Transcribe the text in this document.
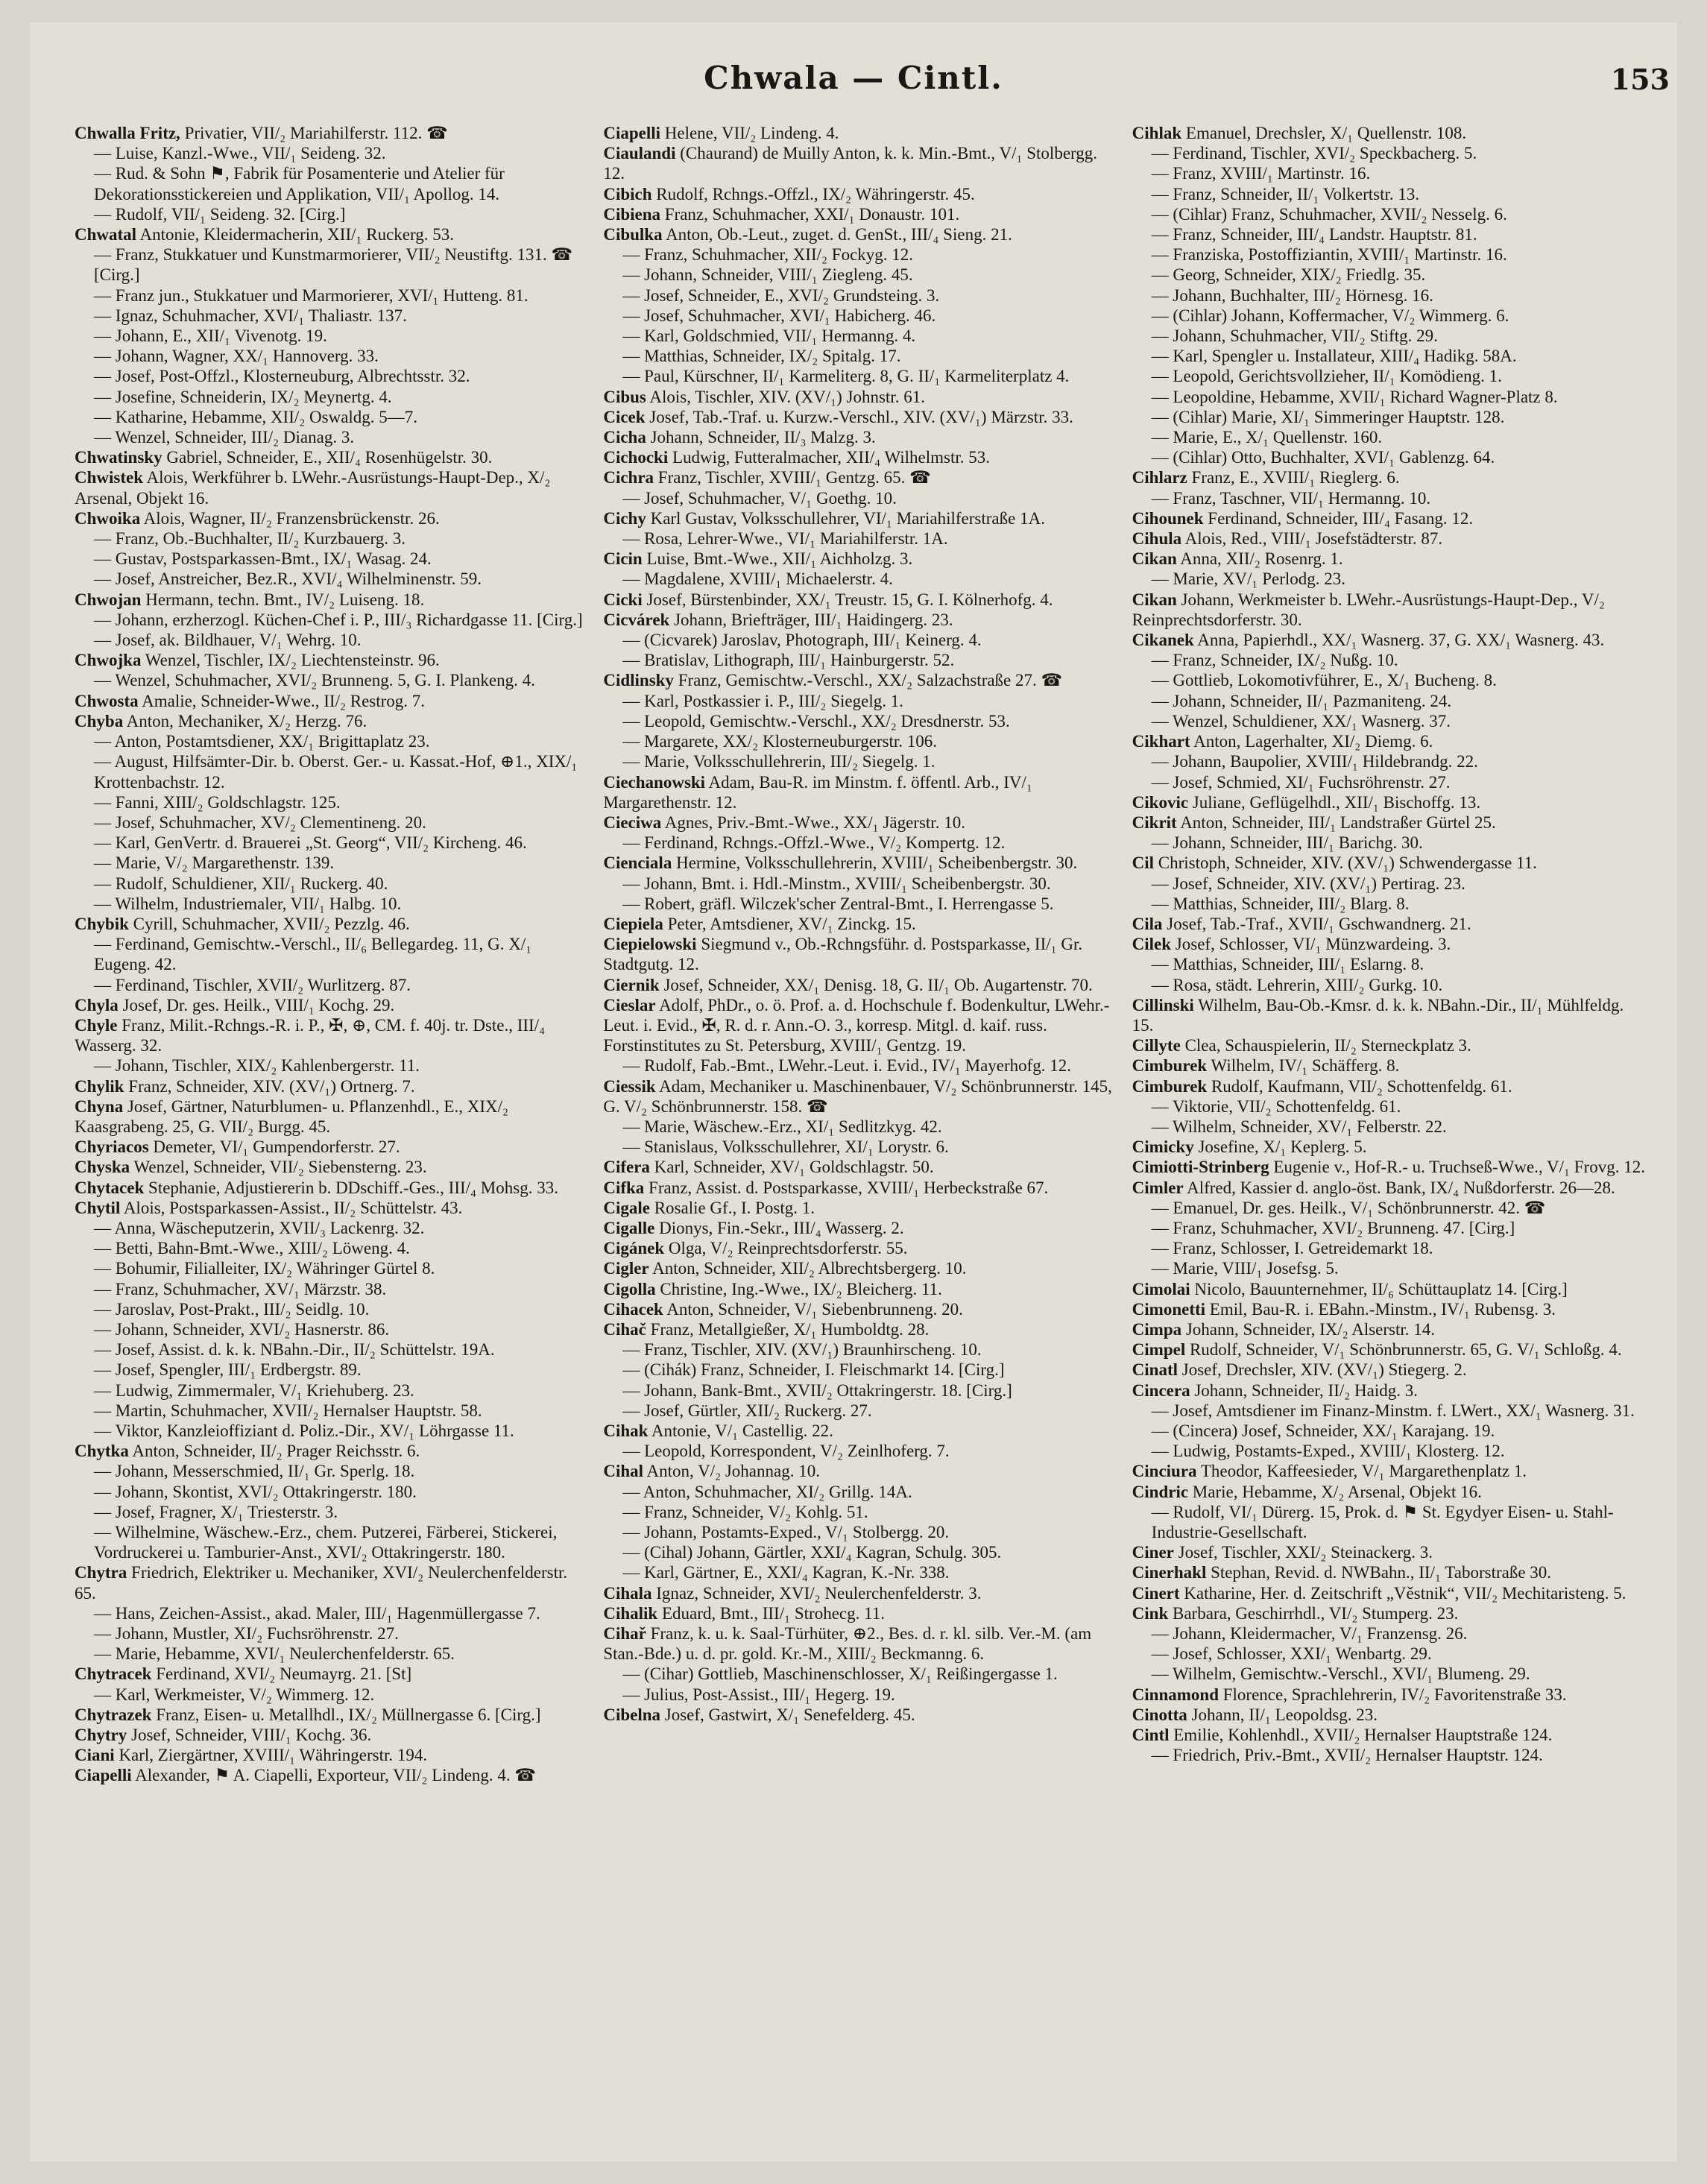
Chwala — Cintl.	153

Chwalla Fritz, Privatier, VII/₂ Mariahilferstr. 112. ☎

— Luise, Kanzl.-Wwe., VII/₁ Seideng. 32.

— Rud. & Sohn ⚑, Fabrik für Posamenterie und Atelier für Dekorationsstickereien und Applikation, VII/₁ Apollog. 14.

— Rudolf, VII/₁ Seideng. 32. [Cirg.]

Chwatal Antonie, Kleidermacherin, XII/₁ Ruckerg. 53.

— Franz, Stukkatuer und Kunstmarmorierer, VII/₂ Neustiftg. 131. ☎ [Cirg.]

— Franz jun., Stukkatuer und Marmorierer, XVI/₁ Hutteng. 81.

— Ignaz, Schuhmacher, XVI/₁ Thaliastr. 137.

— Johann, E., XII/₁ Vivenotg. 19.

— Johann, Wagner, XX/₁ Hannoverg. 33.

— Josef, Post-Offzl., Klosterneuburg, Albrechtsstr. 32.

— Josefine, Schneiderin, IX/₂ Meynertg. 4.

— Katharine, Hebamme, XII/₂ Oswaldg. 5—7.

— Wenzel, Schneider, III/₂ Dianag. 3.

Chwatinsky Gabriel, Schneider, E., XII/₄ Rosenhügelstr. 30.

Chwistek Alois, Werkführer b. LWehr.-Ausrüstungs-Haupt-Dep., X/₂ Arsenal, Objekt 16.

Chwoika Alois, Wagner, II/₂ Franzensbrückenstr. 26.

— Franz, Ob.-Buchhalter, II/₂ Kurzbauerg. 3.

— Gustav, Postsparkassen-Bmt., IX/₁ Wasag. 24.

— Josef, Anstreicher, Bez.R., XVI/₄ Wilhelminenstr. 59.

Chwojan Hermann, techn. Bmt., IV/₂ Luiseng. 18.

— Johann, erzherzogl. Küchen-Chef i. P., III/₃ Richardgasse 11. [Cirg.]

— Josef, ak. Bildhauer, V/₁ Wehrg. 10.

Chwojka Wenzel, Tischler, IX/₂ Liechtensteinstr. 96.

— Wenzel, Schuhmacher, XVI/₂ Brunneng. 5, G. I. Plankeng. 4.

Chwosta Amalie, Schneider-Wwe., II/₂ Restrog. 7.

Chyba Anton, Mechaniker, X/₂ Herzg. 76.

— Anton, Postamtsdiener, XX/₁ Brigittaplatz 23.

— August, Hilfsämter-Dir. b. Oberst. Ger.- u. Kassat.-Hof, ⊕1., XIX/₁ Krottenbachstr. 12.

— Fanni, XIII/₂ Goldschlagstr. 125.

— Josef, Schuhmacher, XV/₂ Clementineng. 20.

— Karl, GenVertr. d. Brauerei „St. Georg“, VII/₂ Kircheng. 46.

— Marie, V/₂ Margarethenstr. 139.

— Rudolf, Schuldiener, XII/₁ Ruckerg. 40.

— Wilhelm, Industriemaler, VII/₁ Halbg. 10.

Chybik Cyrill, Schuhmacher, XVII/₂ Pezzlg. 46.

— Ferdinand, Gemischtw.-Verschl., II/₆ Bellegardeg. 11, G. X/₁ Eugeng. 42.

— Ferdinand, Tischler, XVII/₂ Wurlitzerg. 87.

Chyla Josef, Dr. ges. Heilk., VIII/₁ Kochg. 29.

Chyle Franz, Milit.-Rchngs.-R. i. P., ✠, ⊕, CM. f. 40j. tr. Dste., III/₄ Wasserg. 32.

— Johann, Tischler, XIX/₂ Kahlenbergerstr. 11.

Chylik Franz, Schneider, XIV. (XV/₁) Ortnerg. 7.

Chyna Josef, Gärtner, Naturblumen- u. Pflanzenhdl., E., XIX/₂ Kaasgrabeng. 25, G. VII/₂ Burgg. 45.

Chyriacos Demeter, VI/₁ Gumpendorferstr. 27.

Chyska Wenzel, Schneider, VII/₂ Siebensterng. 23.

Chytacek Stephanie, Adjustiererin b. DDschiff.-Ges., III/₄ Mohsg. 33.

Chytil Alois, Postsparkassen-Assist., II/₂ Schüttelstr. 43.

— Anna, Wäscheputzerin, XVII/₃ Lackenrg. 32.

— Betti, Bahn-Bmt.-Wwe., XIII/₂ Löweng. 4.

— Bohumir, Filialleiter, IX/₂ Währinger Gürtel 8.

— Franz, Schuhmacher, XV/₁ Märzstr. 38.

— Jaroslav, Post-Prakt., III/₂ Seidlg. 10.

— Johann, Schneider, XVI/₂ Hasnerstr. 86.

— Josef, Assist. d. k. k. NBahn.-Dir., II/₂ Schüttelstr. 19A.

— Josef, Spengler, III/₁ Erdbergstr. 89.

— Ludwig, Zimmermaler, V/₁ Kriehuberg. 23.

— Martin, Schuhmacher, XVII/₂ Hernalser Hauptstr. 58.

— Viktor, Kanzleioffiziant d. Poliz.-Dir., XV/₁ Löhrgasse 11.

Chytka Anton, Schneider, II/₂ Prager Reichsstr. 6.

— Johann, Messerschmied, II/₁ Gr. Sperlg. 18.

— Johann, Skontist, XVI/₂ Ottakringerstr. 180.

— Josef, Fragner, X/₁ Triesterstr. 3.

— Wilhelmine, Wäschew.-Erz., chem. Putzerei, Färberei, Stickerei, Vordruckerei u. Tamburier-Anst., XVI/₂ Ottakringerstr. 180.

Chytra Friedrich, Elektriker u. Mechaniker, XVI/₂ Neulerchenfelderstr. 65.

— Hans, Zeichen-Assist., akad. Maler, III/₁ Hagenmüllergasse 7.

— Johann, Mustler, XI/₂ Fuchsröhrenstr. 27.

— Marie, Hebamme, XVI/₁ Neulerchenfelderstr. 65.

Chytracek Ferdinand, XVI/₂ Neumayrg. 21. [St]

— Karl, Werkmeister, V/₂ Wimmerg. 12.

Chytrazek Franz, Eisen- u. Metallhdl., IX/₂ Müllnergasse 6. [Cirg.]

Chytry Josef, Schneider, VIII/₁ Kochg. 36.

Ciani Karl, Ziergärtner, XVIII/₁ Währingerstr. 194.

Ciapelli Alexander, ⚑ A. Ciapelli, Exporteur, VII/₂ Lindeng. 4. ☎

Ciapelli Helene, VII/₂ Lindeng. 4.

Ciaulandi (Chaurand) de Muilly Anton, k. k. Min.-Bmt., V/₁ Stolbergg. 12.

Cibich Rudolf, Rchngs.-Offzl., IX/₂ Währingerstr. 45.

Cibiena Franz, Schuhmacher, XXI/₁ Donaustr. 101.

Cibulka Anton, Ob.-Leut., zuget. d. GenSt., III/₄ Sieng. 21.

— Franz, Schuhmacher, XII/₂ Fockyg. 12.

— Johann, Schneider, VIII/₁ Ziegleng. 45.

— Josef, Schneider, E., XVI/₂ Grundsteing. 3.

— Josef, Schuhmacher, XVI/₁ Habicherg. 46.

— Karl, Goldschmied, VII/₁ Hermanng. 4.

— Matthias, Schneider, IX/₂ Spitalg. 17.

— Paul, Kürschner, II/₁ Karmeliterg. 8, G. II/₁ Karmeliterplatz 4.

Cibus Alois, Tischler, XIV. (XV/₁) Johnstr. 61.

Cicek Josef, Tab.-Traf. u. Kurzw.-Verschl., XIV. (XV/₁) Märzstr. 33.

Cicha Johann, Schneider, II/₃ Malzg. 3.

Cichocki Ludwig, Futteralmacher, XII/₄ Wilhelmstr. 53.

Cichra Franz, Tischler, XVIII/₁ Gentzg. 65. ☎

— Josef, Schuhmacher, V/₁ Goethg. 10.

Cichy Karl Gustav, Volksschullehrer, VI/₁ Mariahilferstraße 1A.

— Rosa, Lehrer-Wwe., VI/₁ Mariahilferstr. 1A.

Cicin Luise, Bmt.-Wwe., XII/₁ Aichholzg. 3.

— Magdalene, XVIII/₁ Michaelerstr. 4.

Cicki Josef, Bürstenbinder, XX/₁ Treustr. 15, G. I. Kölnerhofg. 4.

Cicvárek Johann, Briefträger, III/₁ Haidingerg. 23.

— (Cicvarek) Jaroslav, Photograph, III/₁ Keinerg. 4.

— Bratislav, Lithograph, III/₁ Hainburgerstr. 52.

Cidlinsky Franz, Gemischtw.-Verschl., XX/₂ Salzachstraße 27. ☎

— Karl, Postkassier i. P., III/₂ Siegelg. 1.

— Leopold, Gemischtw.-Verschl., XX/₂ Dresdnerstr. 53.

— Margarete, XX/₂ Klosterneuburgerstr. 106.

— Marie, Volksschullehrerin, III/₂ Siegelg. 1.

Ciechanowski Adam, Bau-R. im Minstm. f. öffentl. Arb., IV/₁ Margarethenstr. 12.

Cieciwa Agnes, Priv.-Bmt.-Wwe., XX/₁ Jägerstr. 10.

— Ferdinand, Rchngs.-Offzl.-Wwe., V/₂ Kompertg. 12.

Cienciala Hermine, Volksschullehrerin, XVIII/₁ Scheibenbergstr. 30.

— Johann, Bmt. i. Hdl.-Minstm., XVIII/₁ Scheibenbergstr. 30.

— Robert, gräfl. Wilczek'scher Zentral-Bmt., I. Herrengasse 5.

Ciepiela Peter, Amtsdiener, XV/₁ Zinckg. 15.

Ciepielowski Siegmund v., Ob.-Rchngsführ. d. Postsparkasse, II/₁ Gr. Stadtgutg. 12.

Ciernik Josef, Schneider, XX/₁ Denisg. 18, G. II/₁ Ob. Augartenstr. 70.

Cieslar Adolf, PhDr., o. ö. Prof. a. d. Hochschule f. Bodenkultur, LWehr.-Leut. i. Evid., ✠, R. d. r. Ann.-O. 3., korresp. Mitgl. d. kaif. russ. Forstinstitutes zu St. Petersburg, XVIII/₁ Gentzg. 19.

— Rudolf, Fab.-Bmt., LWehr.-Leut. i. Evid., IV/₁ Mayerhofg. 12.

Ciessik Adam, Mechaniker u. Maschinenbauer, V/₂ Schönbrunnerstr. 145, G. V/₂ Schönbrunnerstr. 158. ☎

— Marie, Wäschew.-Erz., XI/₁ Sedlitzkyg. 42.

— Stanislaus, Volksschullehrer, XI/₁ Lorystr. 6.

Cifera Karl, Schneider, XV/₁ Goldschlagstr. 50.

Cifka Franz, Assist. d. Postsparkasse, XVIII/₁ Herbeckstraße 67.

Cigale Rosalie Gf., I. Postg. 1.

Cigalle Dionys, Fin.-Sekr., III/₄ Wasserg. 2.

Cigánek Olga, V/₂ Reinprechtsdorferstr. 55.

Cigler Anton, Schneider, XII/₂ Albrechtsbergerg. 10.

Cigolla Christine, Ing.-Wwe., IX/₂ Bleicherg. 11.

Cihacek Anton, Schneider, V/₁ Siebenbrunneng. 20.

Cihač Franz, Metallgießer, X/₁ Humboldtg. 28.

— Franz, Tischler, XIV. (XV/₁) Braunhirscheng. 10.

— (Cihák) Franz, Schneider, I. Fleischmarkt 14. [Cirg.]

— Johann, Bank-Bmt., XVII/₂ Ottakringerstr. 18. [Cirg.]

— Josef, Gürtler, XII/₂ Ruckerg. 27.

Cihak Antonie, V/₁ Castellig. 22.

— Leopold, Korrespondent, V/₂ Zeinlhoferg. 7.

Cihal Anton, V/₂ Johannag. 10.

— Anton, Schuhmacher, XI/₂ Grillg. 14A.

— Franz, Schneider, V/₂ Kohlg. 51.

— Johann, Postamts-Exped., V/₁ Stolbergg. 20.

— (Cihal) Johann, Gärtler, XXI/₄ Kagran, Schulg. 305.

— Karl, Gärtner, E., XXI/₄ Kagran, K.-Nr. 338.

Cihala Ignaz, Schneider, XVI/₂ Neulerchenfelderstr. 3.

Cihalik Eduard, Bmt., III/₁ Strohecg. 11.

Cihař Franz, k. u. k. Saal-Türhüter, ⊕2., Bes. d. r. kl. silb. Ver.-M. (am Stan.-Bde.) u. d. pr. gold. Kr.-M., XIII/₂ Beckmanng. 6.

— (Cihar) Gottlieb, Maschinenschlosser, X/₁ Reißingergasse 1.

— Julius, Post-Assist., III/₁ Hegerg. 19.

Cibelna Josef, Gastwirt, X/₁ Senefelderg. 45.

Cihlak Emanuel, Drechsler, X/₁ Quellenstr. 108.

— Ferdinand, Tischler, XVI/₂ Speckbacherg. 5.

— Franz, XVIII/₁ Martinstr. 16.

— Franz, Schneider, II/₁ Volkertstr. 13.

— (Cihlar) Franz, Schuhmacher, XVII/₂ Nesselg. 6.

— Franz, Schneider, III/₄ Landstr. Hauptstr. 81.

— Franziska, Postoffiziantin, XVIII/₁ Martinstr. 16.

— Georg, Schneider, XIX/₂ Friedlg. 35.

— Johann, Buchhalter, III/₂ Hörnesg. 16.

— (Cihlar) Johann, Koffermacher, V/₂ Wimmerg. 6.

— Johann, Schuhmacher, VII/₂ Stiftg. 29.

— Karl, Spengler u. Installateur, XIII/₄ Hadikg. 58A.

— Leopold, Gerichtsvollzieher, II/₁ Komödieng. 1.

— Leopoldine, Hebamme, XVII/₁ Richard Wagner-Platz 8.

— (Cihlar) Marie, XI/₁ Simmeringer Hauptstr. 128.

— Marie, E., X/₁ Quellenstr. 160.

— (Cihlar) Otto, Buchhalter, XVI/₁ Gablenzg. 64.

Cihlarz Franz, E., XVIII/₁ Rieglerg. 6.

— Franz, Taschner, VII/₁ Hermanng. 10.

Cihounek Ferdinand, Schneider, III/₄ Fasang. 12.

Cihula Alois, Red., VIII/₁ Josefstädterstr. 87.

Cikan Anna, XII/₂ Rosenrg. 1.

— Marie, XV/₁ Perlodg. 23.

Cikan Johann, Werkmeister b. LWehr.-Ausrüstungs-Haupt-Dep., V/₂ Reinprechtsdorferstr. 30.

Cikanek Anna, Papierhdl., XX/₁ Wasnerg. 37, G. XX/₁ Wasnerg. 43.

— Franz, Schneider, IX/₂ Nußg. 10.

— Gottlieb, Lokomotivführer, E., X/₁ Bucheng. 8.

— Johann, Schneider, II/₁ Pazmaniteng. 24.

— Wenzel, Schuldiener, XX/₁ Wasnerg. 37.

Cikhart Anton, Lagerhalter, XI/₂ Diemg. 6.

— Johann, Baupolier, XVIII/₁ Hildebrandg. 22.

— Josef, Schmied, XI/₁ Fuchsröhrenstr. 27.

Cikovic Juliane, Geflügelhdl., XII/₁ Bischoffg. 13.

Cikrit Anton, Schneider, III/₁ Landstraßer Gürtel 25.

— Johann, Schneider, III/₁ Barichg. 30.

Cil Christoph, Schneider, XIV. (XV/₁) Schwendergasse 11.

— Josef, Schneider, XIV. (XV/₁) Pertirag. 23.

— Matthias, Schneider, III/₂ Blarg. 8.

Cila Josef, Tab.-Traf., XVII/₁ Gschwandnerg. 21.

Cilek Josef, Schlosser, VI/₁ Münzwardeing. 3.

— Matthias, Schneider, III/₁ Eslarng. 8.

— Rosa, städt. Lehrerin, XIII/₂ Gurkg. 10.

Cillinski Wilhelm, Bau-Ob.-Kmsr. d. k. k. NBahn.-Dir., II/₁ Mühlfeldg. 15.

Cillyte Clea, Schauspielerin, II/₂ Sterneckplatz 3.

Cimburek Wilhelm, IV/₁ Schäfferg. 8.

Cimburek Rudolf, Kaufmann, VII/₂ Schottenfeldg. 61.

— Viktorie, VII/₂ Schottenfeldg. 61.

— Wilhelm, Schneider, XV/₁ Felberstr. 22.

Cimicky Josefine, X/₁ Keplerg. 5.

Cimiotti-Strinberg Eugenie v., Hof-R.- u. Truchseß-Wwe., V/₁ Frovg. 12.

Cimler Alfred, Kassier d. anglo-öst. Bank, IX/₄ Nußdorferstr. 26—28.

— Emanuel, Dr. ges. Heilk., V/₁ Schönbrunnerstr. 42. ☎

— Franz, Schuhmacher, XVI/₂ Brunneng. 47. [Cirg.]

— Franz, Schlosser, I. Getreidemarkt 18.

— Marie, VIII/₁ Josefsg. 5.

Cimolai Nicolo, Bauunternehmer, II/₆ Schüttauplatz 14. [Cirg.]

Cimonetti Emil, Bau-R. i. EBahn.-Minstm., IV/₁ Rubensg. 3.

Cimpa Johann, Schneider, IX/₂ Alserstr. 14.

Cimpel Rudolf, Schneider, V/₁ Schönbrunnerstr. 65, G. V/₁ Schloßg. 4.

Cinatl Josef, Drechsler, XIV. (XV/₁) Stiegerg. 2.

Cincera Johann, Schneider, II/₂ Haidg. 3.

— Josef, Amtsdiener im Finanz-Minstm. f. LWert., XX/₁ Wasnerg. 31.

— (Cincera) Josef, Schneider, XX/₁ Karajang. 19.

— Ludwig, Postamts-Exped., XVIII/₁ Klosterg. 12.

Cinciura Theodor, Kaffeesieder, V/₁ Margarethenplatz 1.

Cindric Marie, Hebamme, X/₂ Arsenal, Objekt 16.

— Rudolf, VI/₁ Dürerg. 15, Prok. d. ⚑ St. Egydyer Eisen- u. Stahl-Industrie-Gesellschaft.

Ciner Josef, Tischler, XXI/₂ Steinackerg. 3.

Cinerhakl Stephan, Revid. d. NWBahn., II/₁ Taborstraße 30.

Cinert Katharine, Her. d. Zeitschrift „Věstnik“, VII/₂ Mechitaristeng. 5.

Cink Barbara, Geschirrhdl., VI/₂ Stumperg. 23.

— Johann, Kleidermacher, V/₁ Franzensg. 26.

— Josef, Schlosser, XXI/₁ Wenbartg. 29.

— Wilhelm, Gemischtw.-Verschl., XVI/₁ Blumeng. 29.

Cinnamond Florence, Sprachlehrerin, IV/₂ Favoritenstraße 33.

Cinotta Johann, II/₁ Leopoldsg. 23.

Cintl Emilie, Kohlenhdl., XVII/₂ Hernalser Hauptstraße 124.

— Friedrich, Priv.-Bmt., XVII/₂ Hernalser Hauptstr. 124.
